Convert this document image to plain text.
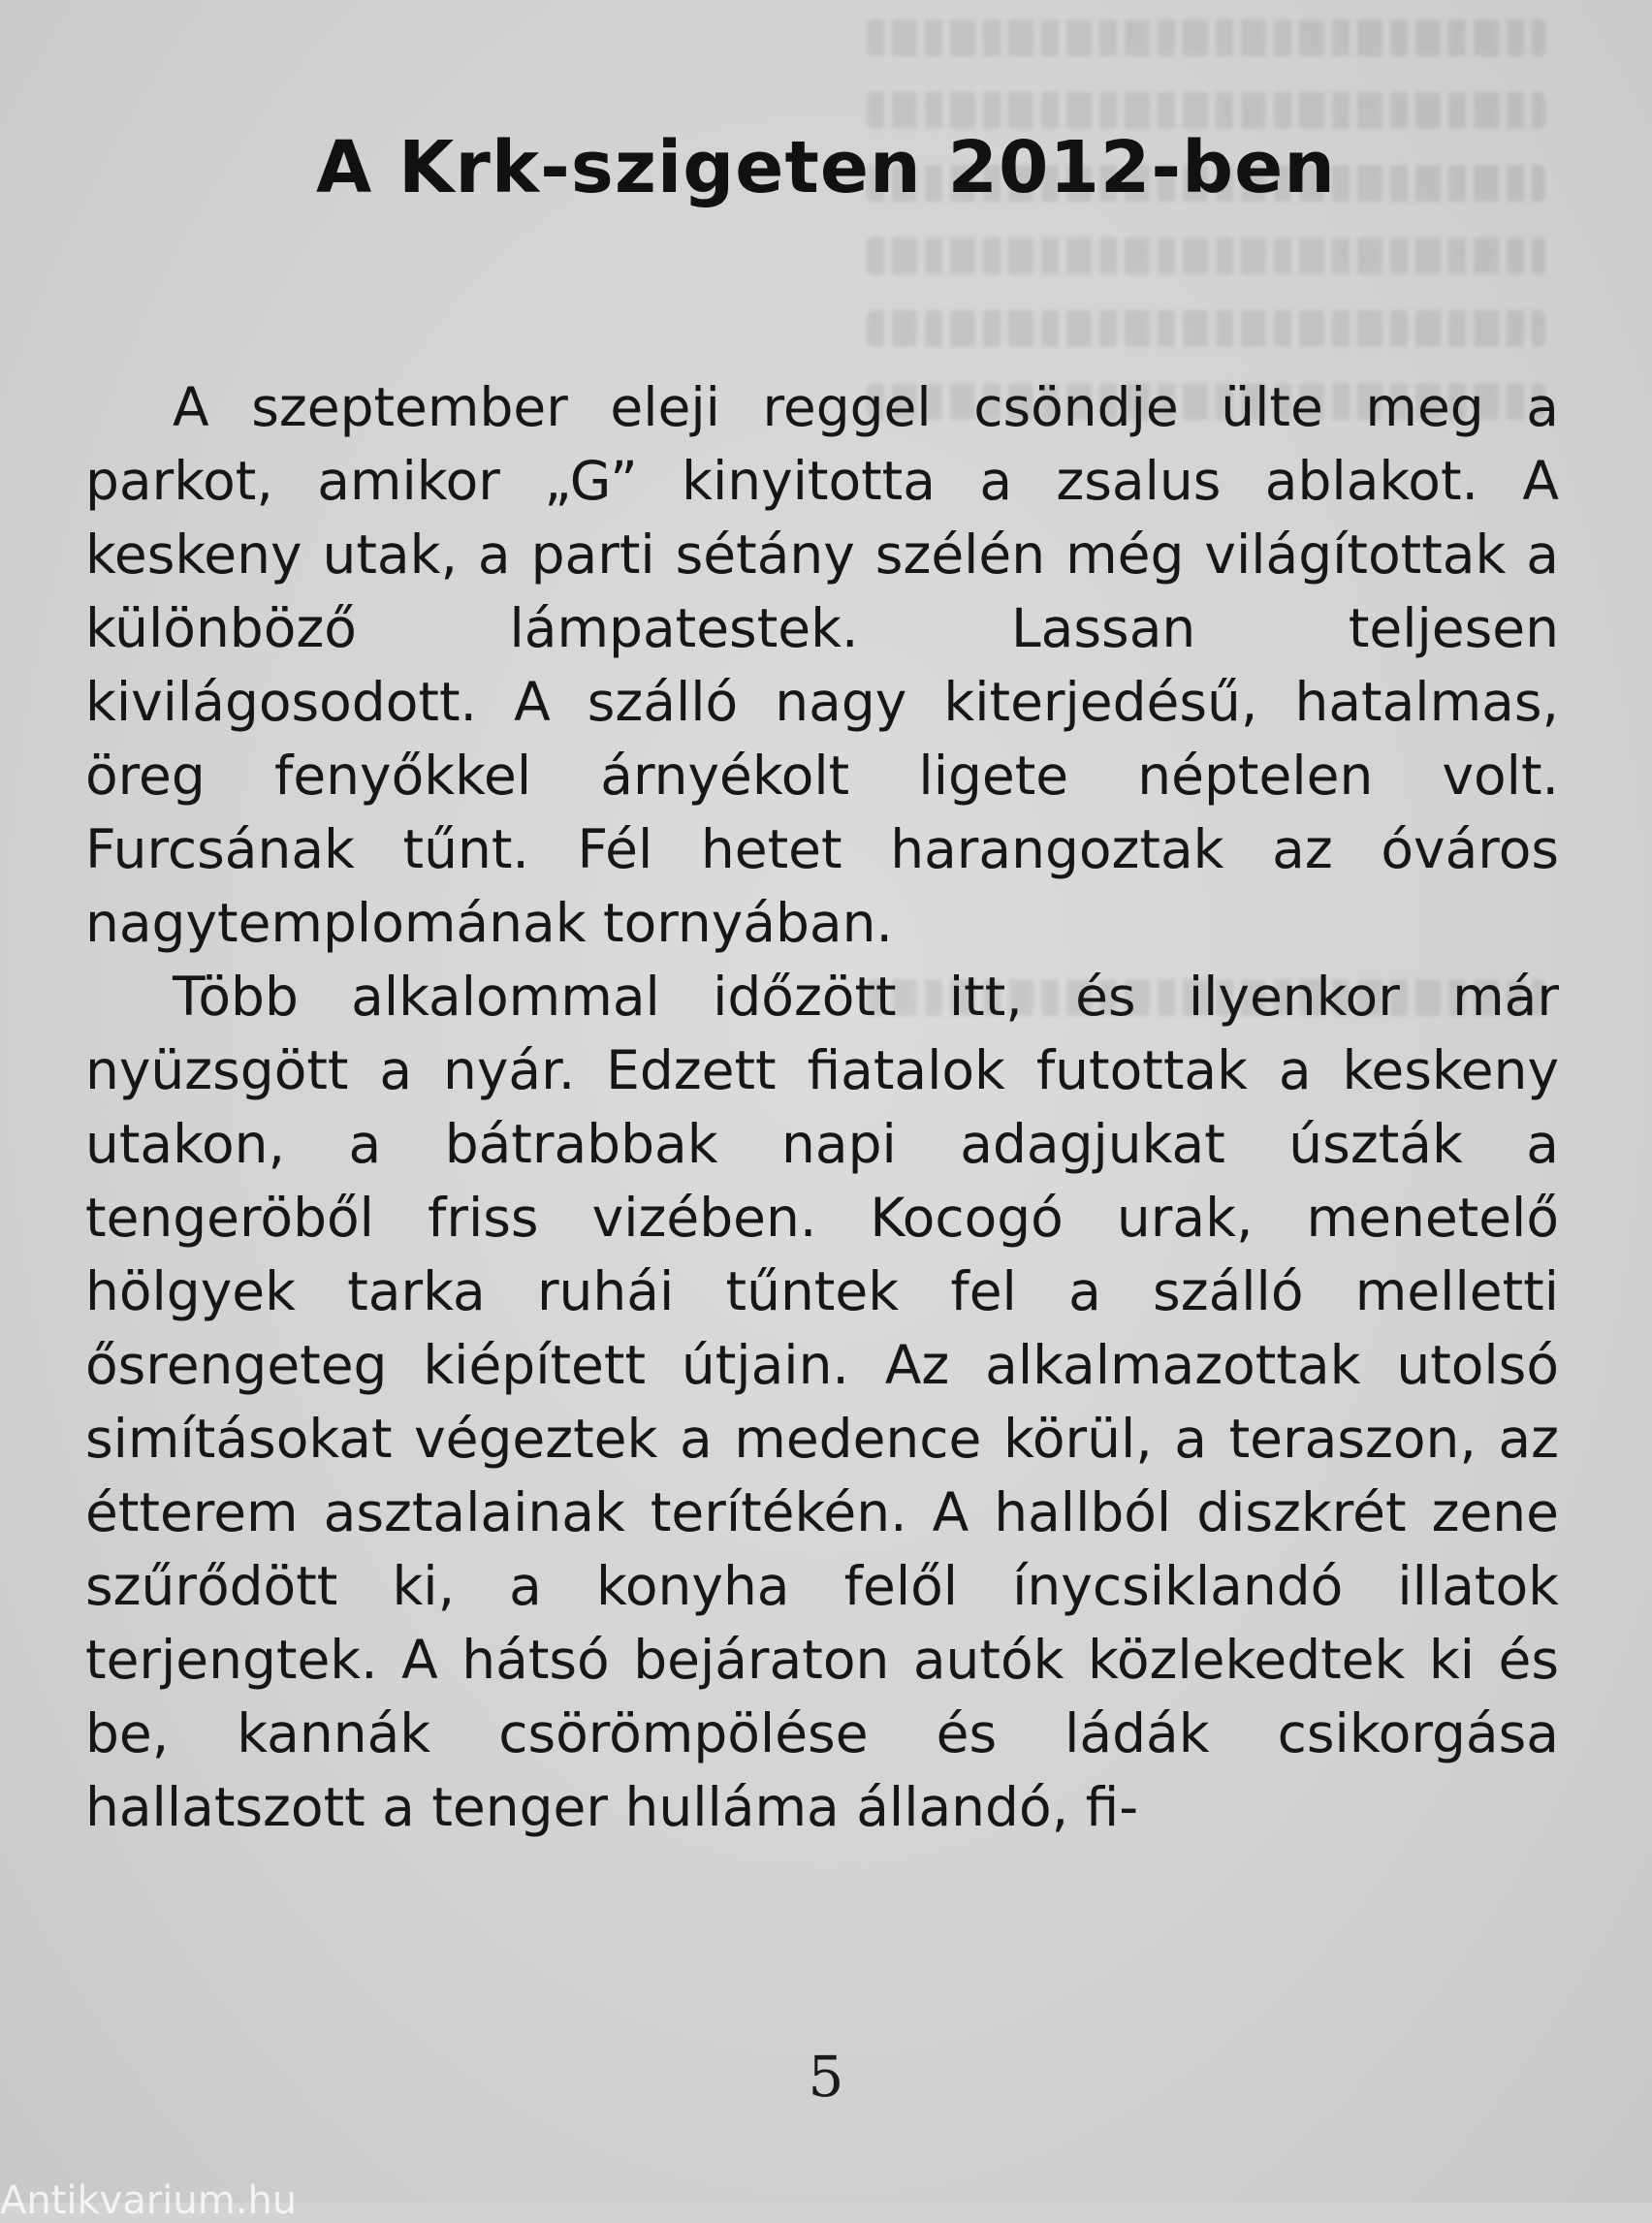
A Krk-szigeten 2012-ben

A szeptember eleji reggel csöndje ülte meg a parkot, amikor „G” kinyitotta a zsalus ablakot. A keskeny utak, a parti sétány szélén még világítottak a különböző lámpatestek. Lassan teljesen kivilágosodott. A szálló nagy kiterjedésű, hatalmas, öreg fenyőkkel árnyékolt ligete néptelen volt. Furcsának tűnt. Fél hetet harangoztak az óváros nagytemplomának tornyában.

Több alkalommal időzött itt, és ilyenkor már nyüzsgött a nyár. Edzett fiatalok futottak a keskeny utakon, a bátrabbak napi adagjukat úszták a tengeröből friss vizében. Kocogó urak, menetelő hölgyek tarka ruhái tűntek fel a szálló melletti ősrengeteg kiépített útjain. Az alkalmazottak utolsó simításokat végeztek a medence körül, a teraszon, az étterem asztalainak terítékén. A hallból diszkrét zene szűrődött ki, a konyha felől ínycsiklandó illatok terjengtek. A hátsó bejáraton autók közlekedtek ki és be, kannák csörömpölése és ládák csikorgása hallatszott a tenger hulláma állandó, fi-

5
Antikvarium.hu
